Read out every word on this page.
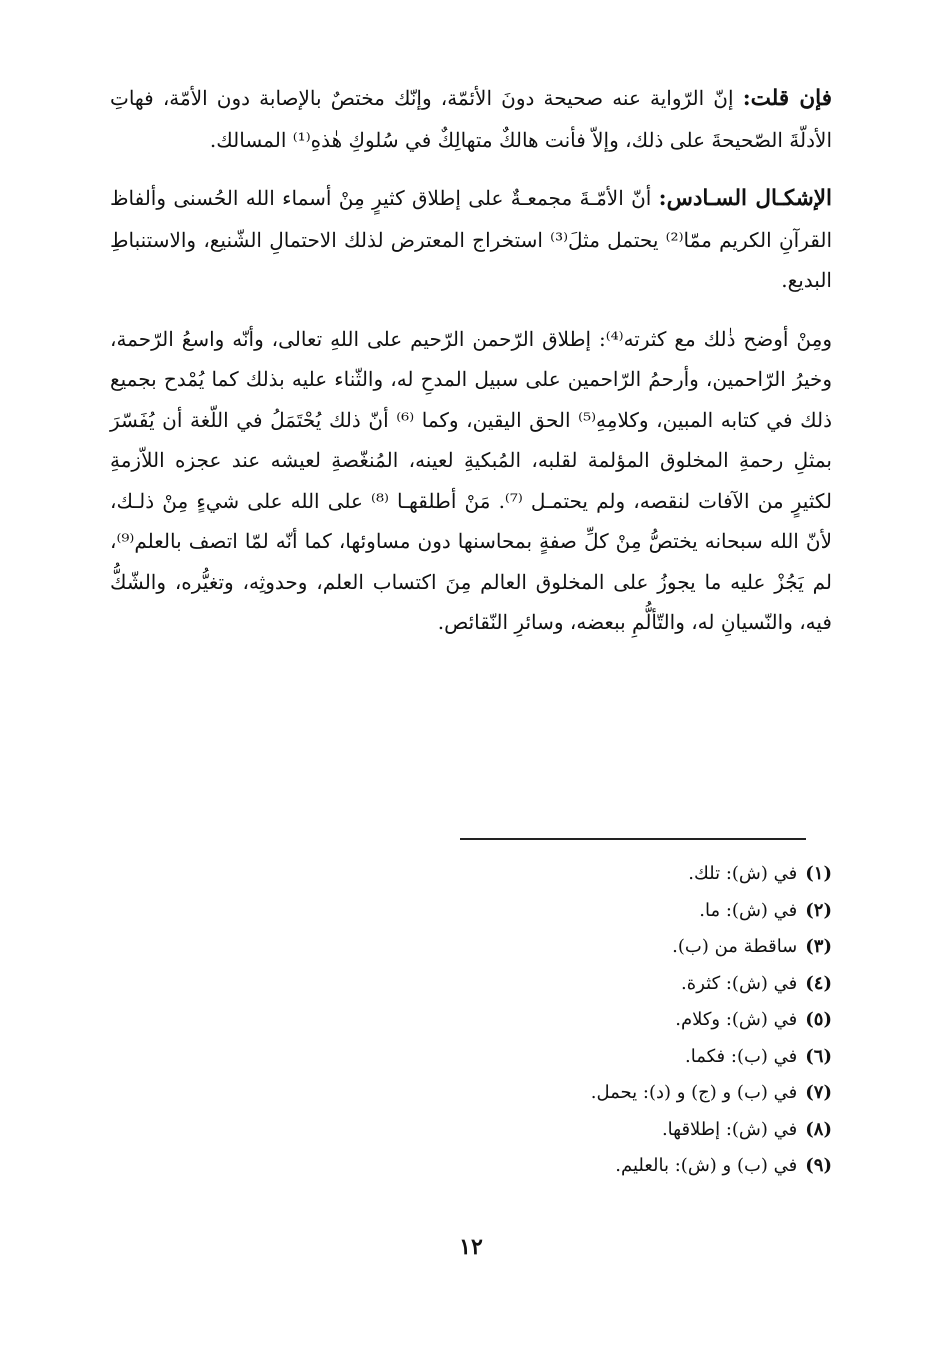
فإن قلت: إنّ الرّواية عنه صحيحة دونَ الأئمّة، وإنّك مختصٌ بالإصابة دون الأمّة، فهاتِ الأدلّةَ الصّحيحةَ على ذلك، وإلاّ فأنت هالكٌ متهالِكٌ في سُلوكِ هٰذهِ⁽¹⁾ المسالك.

الإشكـال السـادس: أنّ الأمّـةَ مجمعـةٌ على إطلاق كثيرٍ مِنْ أسماء الله الحُسنى وألفاظ القرآنِ الكريم ممّا⁽²⁾ يحتمل مثلَ⁽³⁾ استخراج المعترض لذلك الاحتمالِ الشّنيع، والاستنباطِ البديع.

ومِنْ أوضح ذٰلك مع كثرته⁽⁴⁾: إطلاق الرّحمن الرّحيم على اللهِ تعالى، وأنّه واسعُ الرّحمة، وخيرُ الرّاحمين، وأرحمُ الرّاحمين على سبيل المدحِ له، والثّناء عليه بذلك كما يُمْدح بجميع ذلك في كتابه المبين، وكلامِهِ⁽⁵⁾ الحق اليقين، وكما ⁽⁶⁾ أنّ ذلك يُحْتَمَلُ في اللّغة أن يُفَسّرَ بمثلِ رحمةِ المخلوق المؤلمة لقلبه، المُبكيةِ لعينه، المُنغّصةِ لعيشه عند عجزه اللاّزمةِ لكثيرٍ من الآفات لنقصه، ولم يحتمـل ⁽⁷⁾. مَنْ أطلقهـا ⁽⁸⁾ على الله على شيءٍ مِنْ ذلـك، لأنّ الله سبحانه يختصُّ مِنْ كلِّ صفةٍ بمحاسنها دون مساوئها، كما أنّه لمّا اتصف بالعلم⁽⁹⁾، لم يَجُزْ عليه ما يجوزُ على المخلوق العالم مِنَ اكتساب العلم، وحدوثِه، وتغيُّره، والشّكُّ فيه، والنّسيانِ له، والتّألُّمِ ببعضه، وسائرِ النّقائص.

(١)في (ش): تلك.
(٢)في (ش): ما.
(٣)ساقطة من (ب).
(٤)في (ش): كثرة.
(٥)في (ش): وكلام.
(٦)في (ب): فكما.
(٧)في (ب) و (ج) و (د): يحمل.
(٨)في (ش): إطلاقها.
(٩)في (ب) و (ش): بالعليم.
١٢
